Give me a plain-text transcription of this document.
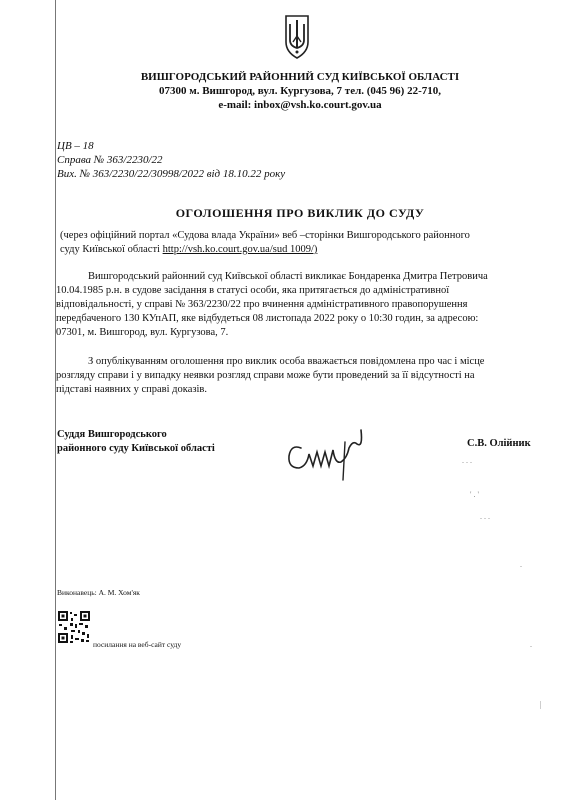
ВИШГОРОДСЬКИЙ РАЙОННИЙ СУД КИЇВСЬКОЇ ОБЛАСТІ
07300 м. Вишгород, вул. Кургузова, 7 тел. (045 96) 22-710,
e-mail: inbox@vsh.ko.court.gov.ua
ЦВ – 18
Справа № 363/2230/22
Вих. № 363/2230/22/30998/2022 від 18.10.22 року
ОГОЛОШЕННЯ ПРО ВИКЛИК ДО СУДУ
(через офіційний портал «Судова влада України» веб –сторінки Вишгородського районного
суду Київської області http://vsh.ko.court.gov.ua/sud 1009/)
Вишгородський районний суд Київської області викликає Бондаренка Дмитра Петровича
10.04.1985 р.н. в судове засідання в статусі особи, яка притягається до адміністративної
відповідальності, у справі № 363/2230/22 про вчинення адміністративного правопорушення
передбаченого 130 КУпАП, яке відбудеться 08 листопада 2022 року о 10:30 годин, за адресою:
07301, м. Вишгород, вул. Кургузова, 7.
З опублікуванням оголошення про виклик особа вважається повідомлена про час і місце
розгляду справи і у випадку неявки розгляд справи може бути проведений за її відсутності на
підставі наявних у справі доказів.
Суддя Вишгородського
районного суду Київської області	С.В. Олійник
. . .
' . '
. . .
.
.
|
Виконавець: А. М. Хом'як
посилання на веб-сайт суду
